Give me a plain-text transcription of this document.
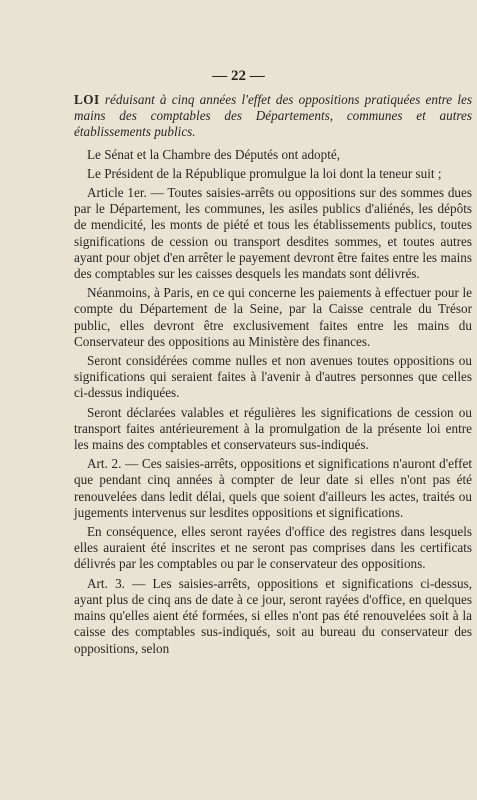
— 22 —
LOI réduisant à cinq années l'effet des oppositions pratiquées entre les mains des comptables des Départements, communes et autres établissements publics.

Le Sénat et la Chambre des Députés ont adopté,

Le Président de la République promulgue la loi dont la teneur suit ;

Article 1er. — Toutes saisies-arrêts ou oppositions sur des sommes dues par le Département, les communes, les asiles publics d'aliénés, les dépôts de mendicité, les monts de piété et tous les établissements publics, toutes significations de cession ou transport desdites sommes, et toutes autres ayant pour objet d'en arrêter le payement devront être faites entre les mains des comptables sur les caisses desquels les mandats sont délivrés.

Néanmoins, à Paris, en ce qui concerne les paiements à effectuer pour le compte du Département de la Seine, par la Caisse centrale du Trésor public, elles devront être exclusivement faites entre les mains du Conservateur des oppositions au Ministère des finances.

Seront considérées comme nulles et non avenues toutes oppositions ou significations qui seraient faites à l'avenir à d'autres personnes que celles ci-dessus indiquées.

Seront déclarées valables et régulières les significations de cession ou transport faites antérieurement à la promulgation de la présente loi entre les mains des comptables et conservateurs sus-indiqués.

Art. 2. — Ces saisies-arrêts, oppositions et significations n'auront d'effet que pendant cinq années à compter de leur date si elles n'ont pas été renouvelées dans ledit délai, quels que soient d'ailleurs les actes, traités ou jugements intervenus sur lesdites oppositions et significations.

En conséquence, elles seront rayées d'office des registres dans lesquels elles auraient été inscrites et ne seront pas comprises dans les certificats délivrés par les comptables ou par le conservateur des oppositions.

Art. 3. — Les saisies-arrêts, oppositions et significations ci-dessus, ayant plus de cinq ans de date à ce jour, seront rayées d'office, en quelques mains qu'elles aient été formées, si elles n'ont pas été renouvelées soit à la caisse des comptables sus-indiqués, soit au bureau du conservateur des oppositions, selon
